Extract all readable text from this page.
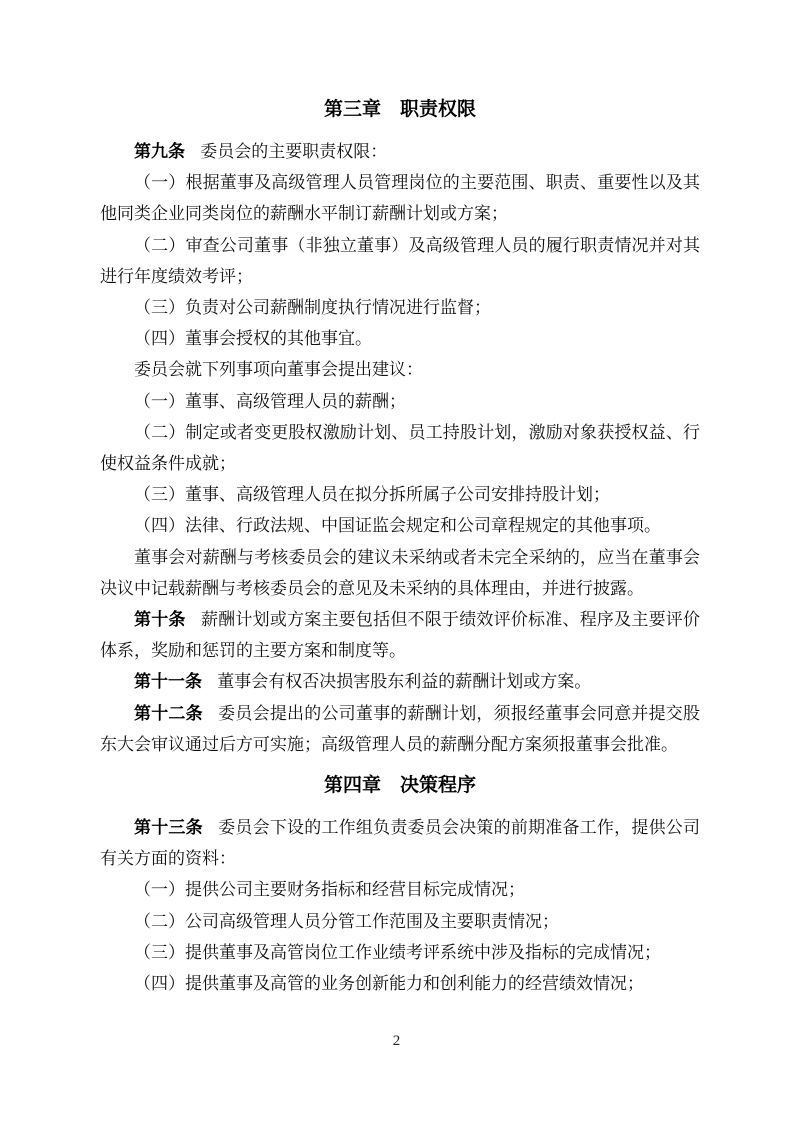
第三章　职责权限

第九条 委员会的主要职责权限：

（一）根据董事及高级管理人员管理岗位的主要范围、职责、重要性以及其他同类企业同类岗位的薪酬水平制订薪酬计划或方案；

（二）审查公司董事（非独立董事）及高级管理人员的履行职责情况并对其进行年度绩效考评；

（三）负责对公司薪酬制度执行情况进行监督；

（四）董事会授权的其他事宜。

委员会就下列事项向董事会提出建议：

（一）董事、高级管理人员的薪酬；

（二）制定或者变更股权激励计划、员工持股计划，激励对象获授权益、行使权益条件成就；

（三）董事、高级管理人员在拟分拆所属子公司安排持股计划；

（四）法律、行政法规、中国证监会规定和公司章程规定的其他事项。

董事会对薪酬与考核委员会的建议未采纳或者未完全采纳的，应当在董事会决议中记载薪酬与考核委员会的意见及未采纳的具体理由，并进行披露。

第十条 薪酬计划或方案主要包括但不限于绩效评价标准、程序及主要评价体系，奖励和惩罚的主要方案和制度等。

第十一条 董事会有权否决损害股东利益的薪酬计划或方案。

第十二条 委员会提出的公司董事的薪酬计划，须报经董事会同意并提交股东大会审议通过后方可实施；高级管理人员的薪酬分配方案须报董事会批准。

第四章　决策程序

第十三条 委员会下设的工作组负责委员会决策的前期准备工作，提供公司有关方面的资料：

（一）提供公司主要财务指标和经营目标完成情况；

（二）公司高级管理人员分管工作范围及主要职责情况；

（三）提供董事及高管岗位工作业绩考评系统中涉及指标的完成情况；

（四）提供董事及高管的业务创新能力和创利能力的经营绩效情况；

2
